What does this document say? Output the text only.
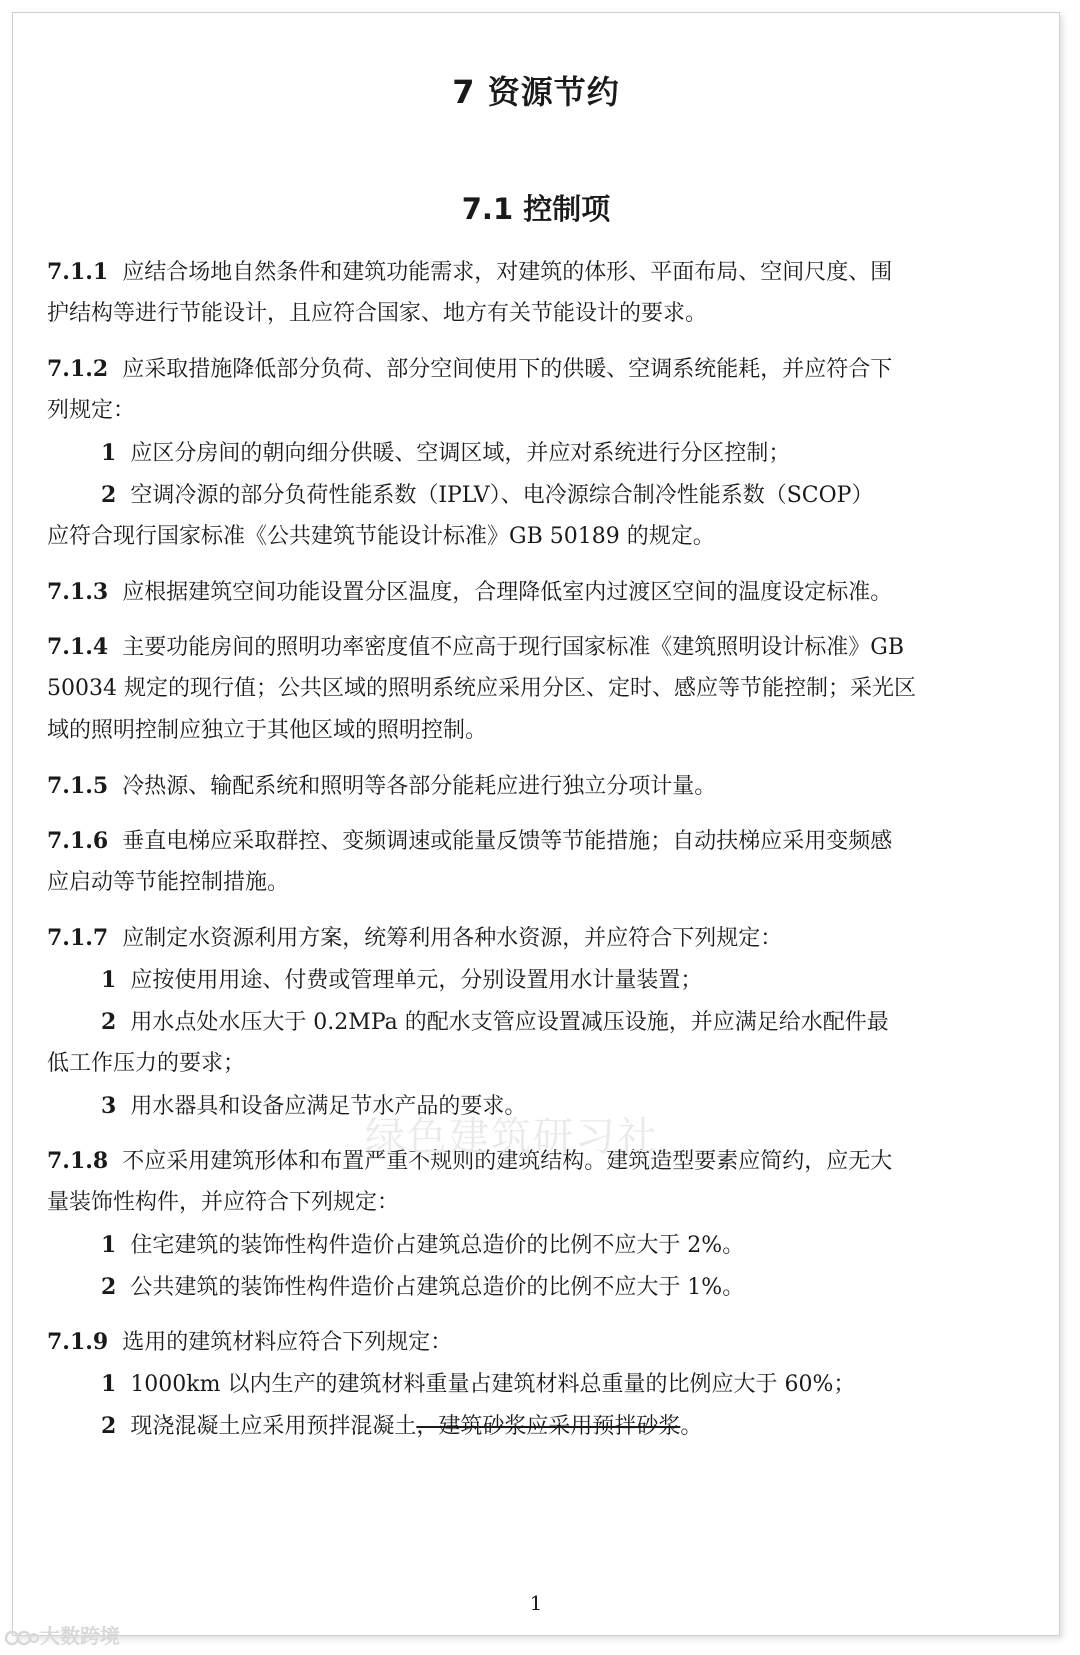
7 资源节约
7.1 控制项
7.1.1 应结合场地自然条件和建筑功能需求，对建筑的体形、平面布局、空间尺度、围
护结构等进行节能设计，且应符合国家、地方有关节能设计的要求。
7.1.2 应采取措施降低部分负荷、部分空间使用下的供暖、空调系统能耗，并应符合下
列规定：
1 应区分房间的朝向细分供暖、空调区域，并应对系统进行分区控制；
2 空调冷源的部分负荷性能系数（IPLV）、电冷源综合制冷性能系数（SCOP）
应符合现行国家标准《公共建筑节能设计标准》GB 50189 的规定。
7.1.3 应根据建筑空间功能设置分区温度，合理降低室内过渡区空间的温度设定标准。
7.1.4 主要功能房间的照明功率密度值不应高于现行国家标准《建筑照明设计标准》GB
50034 规定的现行值；公共区域的照明系统应采用分区、定时、感应等节能控制；采光区
域的照明控制应独立于其他区域的照明控制。
7.1.5 冷热源、输配系统和照明等各部分能耗应进行独立分项计量。
7.1.6 垂直电梯应采取群控、变频调速或能量反馈等节能措施；自动扶梯应采用变频感
应启动等节能控制措施。
7.1.7 应制定水资源利用方案，统筹利用各种水资源，并应符合下列规定：
1 应按使用用途、付费或管理单元，分别设置用水计量装置；
2 用水点处水压大于 0.2MPa 的配水支管应设置减压设施，并应满足给水配件最
低工作压力的要求；
3 用水器具和设备应满足节水产品的要求。
7.1.8 不应采用建筑形体和布置严重不规则的建筑结构。建筑造型要素应简约，应无大
量装饰性构件，并应符合下列规定：
1 住宅建筑的装饰性构件造价占建筑总造价的比例不应大于 2%。
2 公共建筑的装饰性构件造价占建筑总造价的比例不应大于 1%。
7.1.9 选用的建筑材料应符合下列规定：
1 1000km 以内生产的建筑材料重量占建筑材料总重量的比例应大于 60%；
2 现浇混凝土应采用预拌混凝土，建筑砂浆应采用预拌砂浆。
绿色建筑研习社
1
大数跨境
